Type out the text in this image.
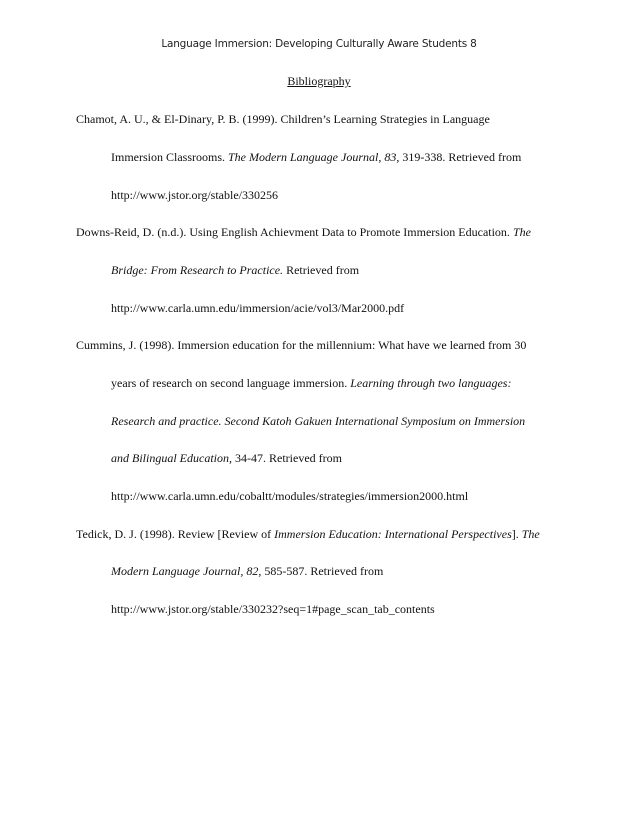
Language Immersion: Developing Culturally Aware Students 8
Bibliography
Chamot, A. U., & El-Dinary, P. B. (1999). Children’s Learning Strategies in Language
Immersion Classrooms. The Modern Language Journal, 83, 319-338. Retrieved from
http://www.jstor.org/stable/330256
Downs-Reid, D. (n.d.). Using English Achievment Data to Promote Immersion Education. The
Bridge: From Research to Practice. Retrieved from
http://www.carla.umn.edu/immersion/acie/vol3/Mar2000.pdf
Cummins, J. (1998). Immersion education for the millennium: What have we learned from 30
years of research on second language immersion. Learning through two languages:
Research and practice. Second Katoh Gakuen International Symposium on Immersion
and Bilingual Education, 34-47. Retrieved from
http://www.carla.umn.edu/cobaltt/modules/strategies/immersion2000.html
Tedick, D. J. (1998). Review [Review of Immersion Education: International Perspectives]. The
Modern Language Journal, 82, 585-587. Retrieved from
http://www.jstor.org/stable/330232?seq=1#page_scan_tab_contents
